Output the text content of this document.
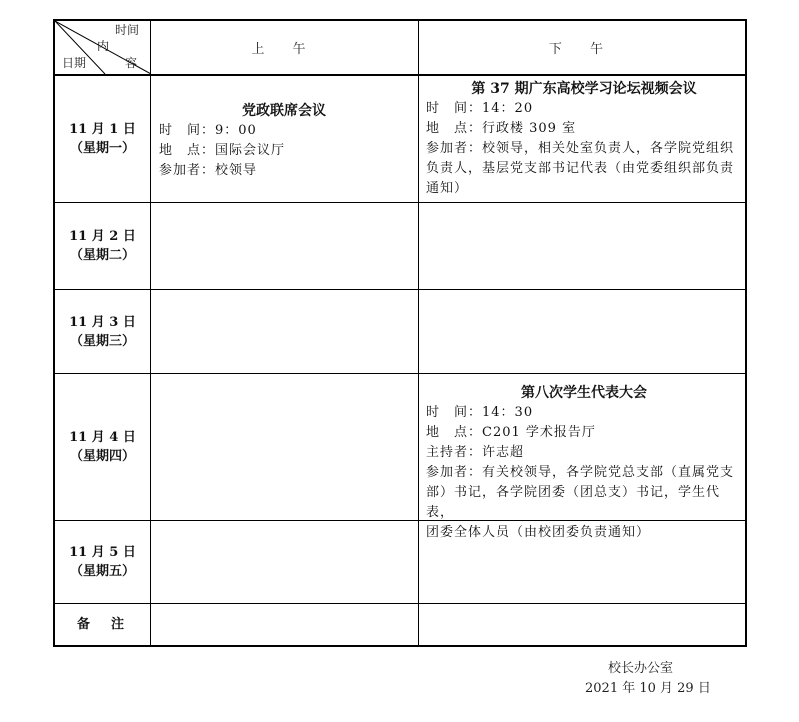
时间
内
容
日期
上 午	下 午
11 月 1 日
（星期一）
党政联席会议
时　间：9：00
地　点：国际会议厅
参加者：校领导
第 37 期广东高校学习论坛视频会议
时　间：14：20
地　点：行政楼 309 室
参加者：校领导，相关处室负责人，各学院党组织
负责人，基层党支部书记代表（由党委组织部负责
通知）
11 月 2 日
（星期二）
11 月 3 日
（星期三）
11 月 4 日
（星期四）
第八次学生代表大会
时　间：14：30
地　点：C201 学术报告厅
主持者：许志超
参加者：有关校领导，各学院党总支部（直属党支
部）书记，各学院团委（团总支）书记，学生代表，
团委全体人员（由校团委负责通知）
11 月 5 日
（星期五）
备　注
校长办公室
2021 年 10 月 29 日
